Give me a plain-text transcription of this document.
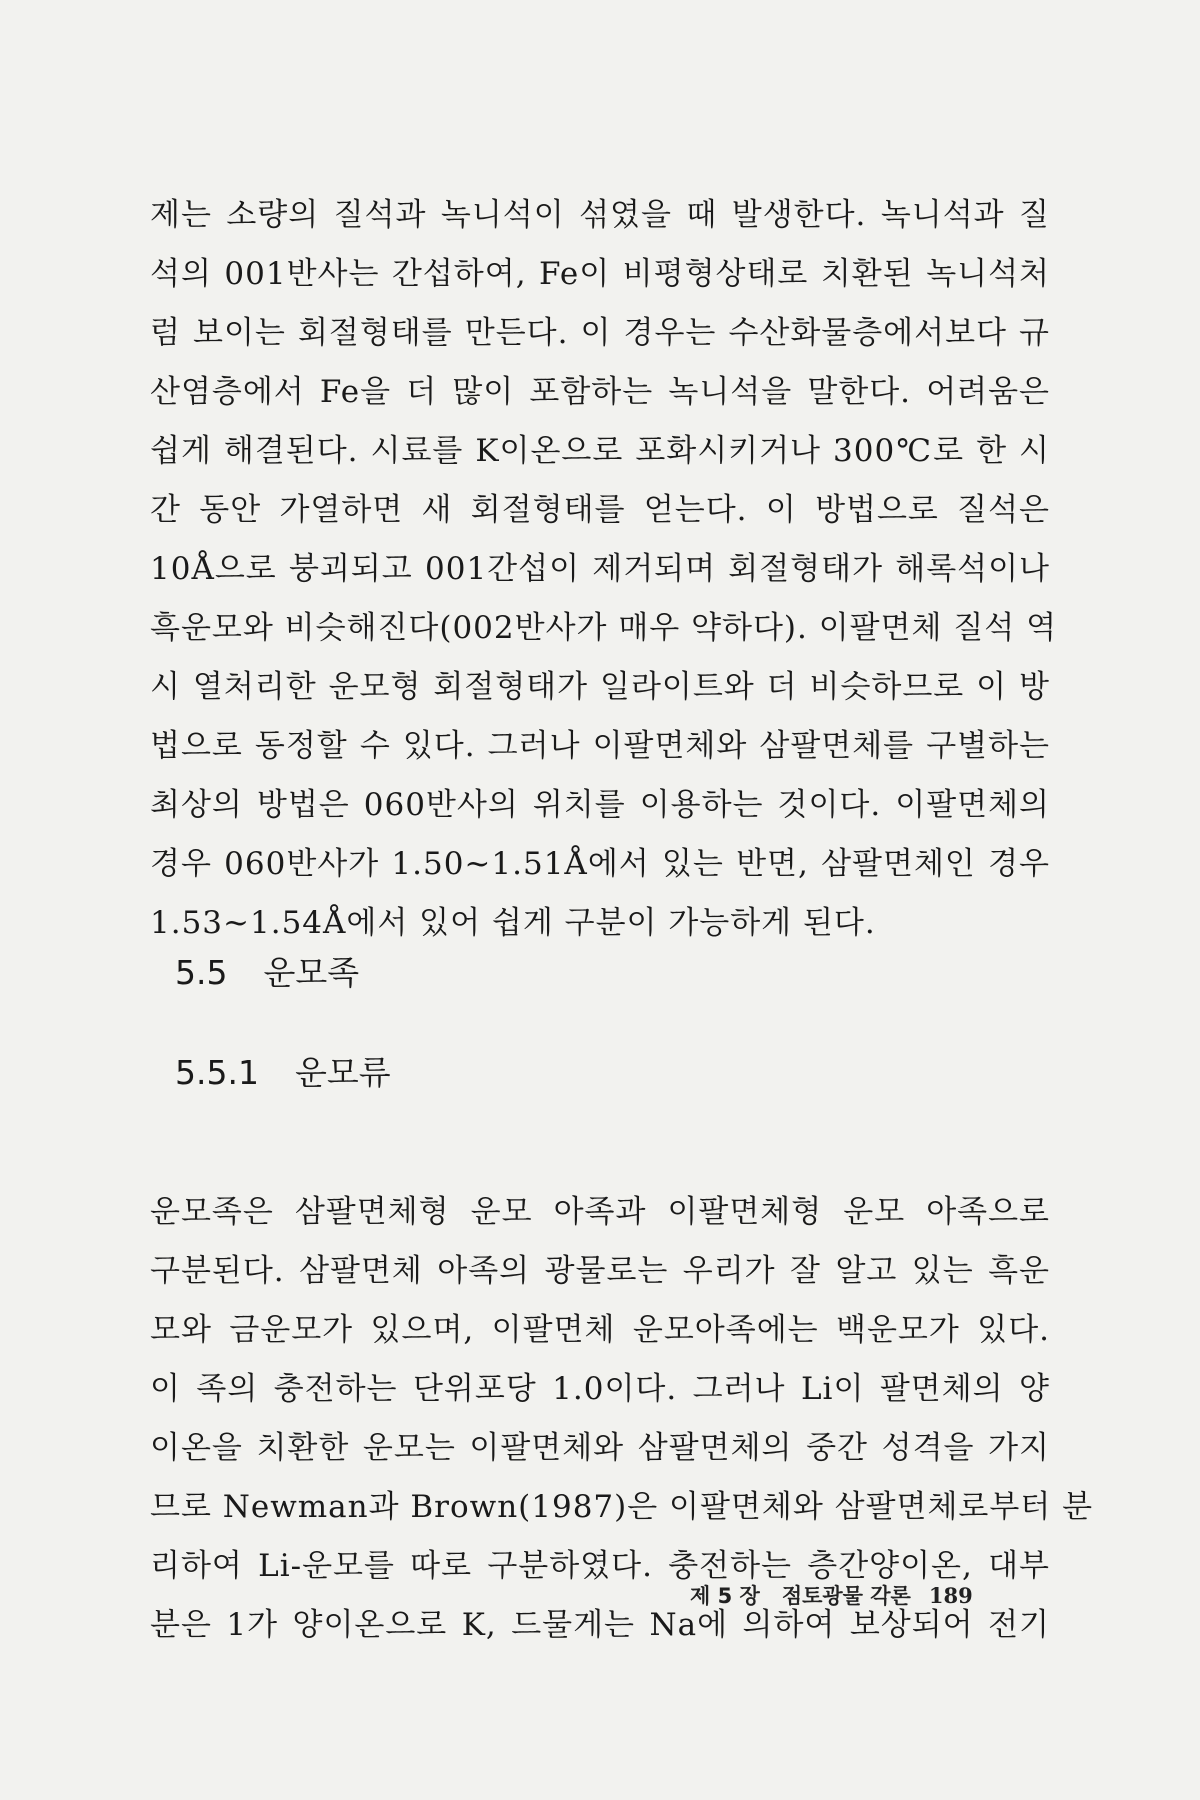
제는 소량의 질석과 녹니석이 섞였을 때 발생한다. 녹니석과 질
석의 001반사는 간섭하여, Fe이 비평형상태로 치환된 녹니석처
럼 보이는 회절형태를 만든다. 이 경우는 수산화물층에서보다 규
산염층에서 Fe을 더 많이 포함하는 녹니석을 말한다. 어려움은
쉽게 해결된다. 시료를 K이온으로 포화시키거나 300℃로 한 시
간 동안 가열하면 새 회절형태를 얻는다. 이 방법으로 질석은
10Å으로 붕괴되고 001간섭이 제거되며 회절형태가 해록석이나
흑운모와 비슷해진다(002반사가 매우 약하다). 이팔면체 질석 역
시 열처리한 운모형 회절형태가 일라이트와 더 비슷하므로 이 방
법으로 동정할 수 있다. 그러나 이팔면체와 삼팔면체를 구별하는
최상의 방법은 060반사의 위치를 이용하는 것이다. 이팔면체의
경우 060반사가 1.50~1.51Å에서 있는 반면, 삼팔면체인 경우
1.53~1.54Å에서 있어 쉽게 구분이 가능하게 된다.
5.5 운모족
5.5.1 운모류
운모족은 삼팔면체형 운모 아족과 이팔면체형 운모 아족으로
구분된다. 삼팔면체 아족의 광물로는 우리가 잘 알고 있는 흑운
모와 금운모가 있으며, 이팔면체 운모아족에는 백운모가 있다.
이 족의 충전하는 단위포당 1.0이다. 그러나 Li이 팔면체의 양
이온을 치환한 운모는 이팔면체와 삼팔면체의 중간 성격을 가지
므로 Newman과 Brown(1987)은 이팔면체와 삼팔면체로부터 분
리하여 Li-운모를 따로 구분하였다. 충전하는 층간양이온, 대부
분은 1가 양이온으로 K, 드물게는 Na에 의하여 보상되어 전기
제 5 장 점토광물 각론 189
